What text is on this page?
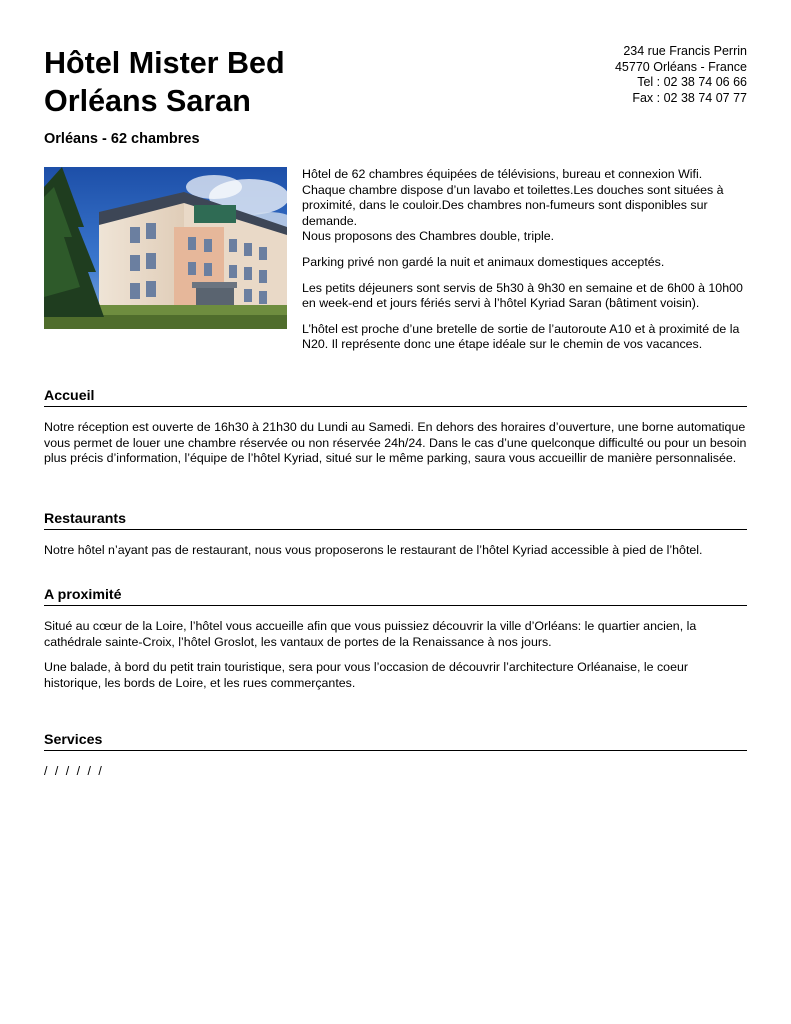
Hôtel Mister Bed
Orléans Saran
234 rue Francis Perrin
45770 Orléans - France
Tel : 02 38 74 06 66
Fax : 02 38 74 07 77
Orléans - 62 chambres

Hôtel de 62 chambres équipées de télévisions, bureau et connexion Wifi.
Chaque chambre dispose d’un lavabo et toilettes.Les douches sont situées à proximité, dans le couloir.Des chambres non-fumeurs sont disponibles sur demande.
Nous proposons des Chambres double, triple.

Parking privé non gardé la nuit et animaux domestiques acceptés.

Les petits déjeuners sont servis de 5h30 à 9h30 en semaine et de 6h00 à 10h00 en week-end et jours fériés servi à l’hôtel Kyriad Saran (bâtiment voisin).

L’hôtel est proche d’une bretelle de sortie de l’autoroute A10 et à proximité de la N20. Il représente donc une étape idéale sur le chemin de vos vacances.

Accueil

Notre réception est ouverte de 16h30 à 21h30 du Lundi au Samedi. En dehors des horaires d’ouverture, une borne automatique vous permet de louer une chambre réservée ou non réservée 24h/24. Dans le cas d’une quelconque difficulté ou pour un besoin plus précis d’information, l’équipe de l’hôtel Kyriad, situé sur le même parking, saura vous accueillir de manière personnalisée.

Restaurants

Notre hôtel n’ayant pas de restaurant, nous vous proposerons le restaurant de l’hôtel Kyriad accessible à pied de l’hôtel.

A proximité

Situé au cœur de la Loire, l’hôtel vous accueille afin que vous puissiez découvrir la ville d’Orléans: le quartier ancien, la cathédrale sainte-Croix, l’hôtel Groslot, les vantaux de portes de la Renaissance à nos jours.

Une balade, à bord du petit train touristique, sera pour vous l’occasion de découvrir l’architecture Orléanaise, le coeur historique, les bords de Loire, et les rues commerçantes.

Services

/ / / / / /
